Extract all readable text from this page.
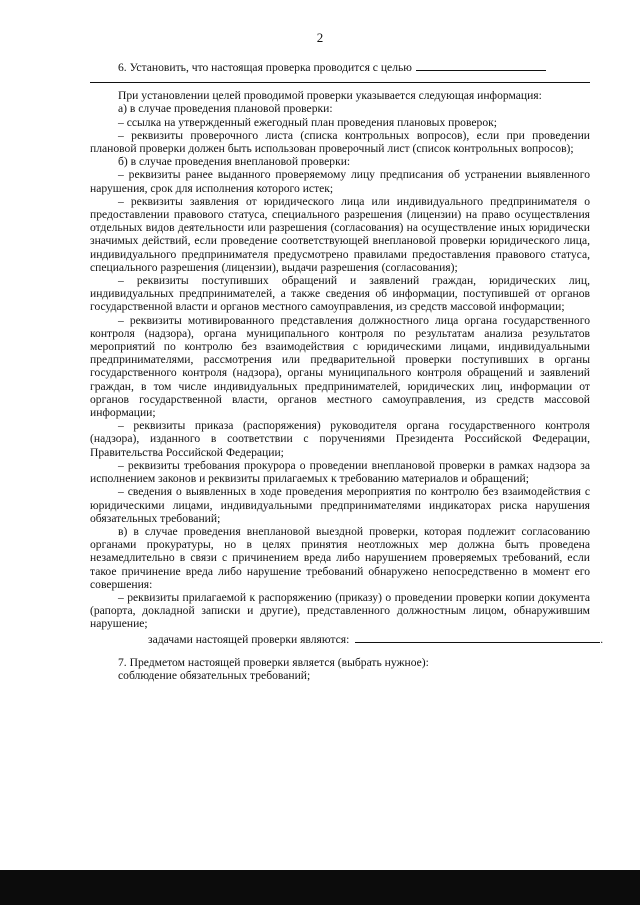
2
6. Установить, что настоящая проверка проводится с целью

При установлении целей проводимой проверки указывается следующая информация:

а) в случае проведения плановой проверки:

– ссылка на утвержденный ежегодный план проведения плановых проверок;

– реквизиты проверочного листа (списка контрольных вопросов), если при проведении плановой проверки должен быть использован проверочный лист (список контрольных вопросов);

б) в случае проведения внеплановой проверки:

– реквизиты ранее выданного проверяемому лицу предписания об устранении выявленного нарушения, срок для исполнения которого истек;

– реквизиты заявления от юридического лица или индивидуального предпринимателя о предоставлении правового статуса, специального разрешения (лицензии) на право осуществления отдельных видов деятельности или разрешения (согласования) на осуществление иных юридически значимых действий, если проведение соответствующей внеплановой проверки юридического лица, индивидуального предпринимателя предусмотрено правилами предоставления правового статуса, специального разрешения (лицензии), выдачи разрешения (согласования);

– реквизиты поступивших обращений и заявлений граждан, юридических лиц, индивидуальных предпринимателей, а также сведения об информации, поступившей от органов государственной власти и органов местного самоуправления, из средств массовой информации;

– реквизиты мотивированного представления должностного лица органа государственного контроля (надзора), органа муниципального контроля по результатам анализа результатов мероприятий по контролю без взаимодействия с юридическими лицами, индивидуальными предпринимателями, рассмотрения или предварительной проверки поступивших в органы государственного контроля (надзора), органы муниципального контроля обращений и заявлений граждан, в том числе индивидуальных предпринимателей, юридических лиц, информации от органов государственной власти, органов местного самоуправления, из средств массовой информации;

– реквизиты приказа (распоряжения) руководителя органа государственного контроля (надзора), изданного в соответствии с поручениями Президента Российской Федерации, Правительства Российской Федерации;

– реквизиты требования прокурора о проведении внеплановой проверки в рамках надзора за исполнением законов и реквизиты прилагаемых к требованию материалов и обращений;

– сведения о выявленных в ходе проведения мероприятия по контролю без взаимодействия с юридическими лицами, индивидуальными предпринимателями индикаторах риска нарушения обязательных требований;

в) в случае проведения внеплановой выездной проверки, которая подлежит согласованию органами прокуратуры, но в целях принятия неотложных мер должна быть проведена незамедлительно в связи с причинением вреда либо нарушением проверяемых требований, если такое причинение вреда либо нарушение требований обнаружено непосредственно в момент его совершения:

– реквизиты прилагаемой к распоряжению (приказу) о проведении проверки копии документа (рапорта, докладной записки и другие), представленного должностным лицом, обнаружившим нарушение;

задачами настоящей проверки являются:	.

7. Предметом настоящей проверки является (выбрать нужное):

соблюдение обязательных требований;
